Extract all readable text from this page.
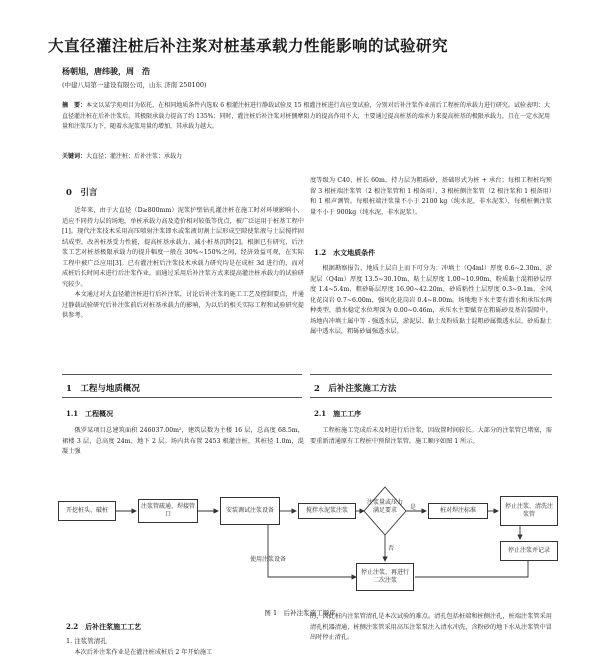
大直径灌注桩后补注浆对桩基承载力性能影响的试验研究
杨朝旭，唐纬骏，周　浩
(中建八局第一建设有限公司，山东 济南 250100)
摘　要：本文以某学苑项目为依托，在相同地质条件内选取 6 根灌注桩进行静载试验及 15 根灌注桩进行高应变试验，分别对后补注浆作业前后工程桩的承载力进行研究。试验表明：大直径灌注桩在后补注浆后，其极限承载力提高了约 135%；同时，灌注桩后补注浆对桩侧摩阻力的提高作用不大，主要通过提高桩基的端承力来提高桩基的极限承载力，且在一定水泥用量和注浆压力下，随着水泥浆用量的增加，其承载力越大。
关键词：大直径；灌注桩；后补注浆；承载力
0　引言

近年来，由于大直径（D≥800mm）泥浆护壁钻孔灌注桩在施工时对环境影响小，适应不同持力层的场地，单桩承载力高及造价相对较低等优点，被广泛运用于桩基工程中[1]。现代注浆技术采用高压喷射注浆即水或浆液切割土层形成空隙使浆液与土层搅拌固结成型，改善桩基受力性能，提高桩基承载力，减小桩基沉降[2]。根据已有研究，后注浆工艺对桩基极限承载力的提升幅度一般在 30%~150%之间，经济效益可观，在实际工程中被广泛应用[3]。已有灌注桩后注浆技术承载力研究均是在成桩 3d 进行的，而对成桩后长时间未进行后注浆作业，而通过采用后补注浆方式来提高灌注桩承载力的试验研究较少。

本文通过对大直径灌注桩进行后补注浆，讨论后补注浆的施工工艺及控制要点，并通过静载试验研究后补注浆前后对桩基承载力的影响，为以后的相关实际工程和试验研究提供参考。

1　工程与地质概况
1.1　工程概况

俄罗某项目总建筑面积 246037.00m²，建筑层数为主楼 16 层，总高度 68.5m，裙楼 3 层，总高度 24m，地下 2 层。场内共布置 2453 根灌注桩，其桩径 1.0m，混凝土强

度等级为 C40，桩长 60m，持力层为粗砾砂，基础形式为桩 + 承台；每根工程桩均预留 3 根桩端注浆管（2 根注浆管和 1 根备用），3 根桩侧注浆管（2 根注浆和 1 根备用）和 1 根声测管。每根桩端注浆量不小于 2100 kg（纯水泥，非水泥浆），每根桩侧注浆量不小于 900kg（纯水泥，非水泥浆）。

1.2　水文地质条件

根据勘察报告，地质土层自上而下可分为：冲填土（Q4ml）厚度 0.6~2.30m、淤泥层（Q4m）厚度 13.5~30.10m、粘土层厚度 1.00~10.90m、粉质黏土混粗砂层厚度 1.4~5.4m、粗砂砾层厚度 16.90~42.20m，砂质粘性土层厚度 0.3~9.1m，全风化花岗岩 0.7~6.00m，强风化花岗岩 0.4~8.00m。场地地下水主要有潜水和承压水两种类型，潜水稳定水位埋深为 0.00~0.46m，承压水主要赋存在粗砾砂及基岩裂隙中。场地内冲填土属中等 - 强透水层，淤泥层、黏土及粉质黏土混粗砂属微透水层，砂质黏土属中透水层，粗砾砂属强透水层。

2　后补注浆施工方法
2.1　施工工序

工程桩施工完成后未及时进行后注浆，因故置时间较长。大部分的注浆管已堵塞，需要重新清通原有工程桩中预留注浆管。施工顺序如图 1 所示。

开挖桩头、破桩
注浆管疏通、焊接管口
安装调试注浆设备	搅拌水泥浆注浆
注浆量或压力满足要求	桩对焊注标准
停止注浆、清洗注浆管
停止注浆并记录
停止注浆、再进行二次注浆
使用注浆设备
是
否
图 1　后补注浆施工顺序
2.2　后补注浆施工工艺
1. 注浆管清孔

本次后补注浆作业是在灌注桩成桩后 2 年开始施工

的，因此桩内注浆管清孔是本次试验的难点。清孔包括桩端和桩侧注孔，桩端注浆管采用清孔机器清通，桩侧注浆管采用高压注浆泵注入清水冲洗，含粉砂的地下水从注浆管中冒出时停止清孔。
